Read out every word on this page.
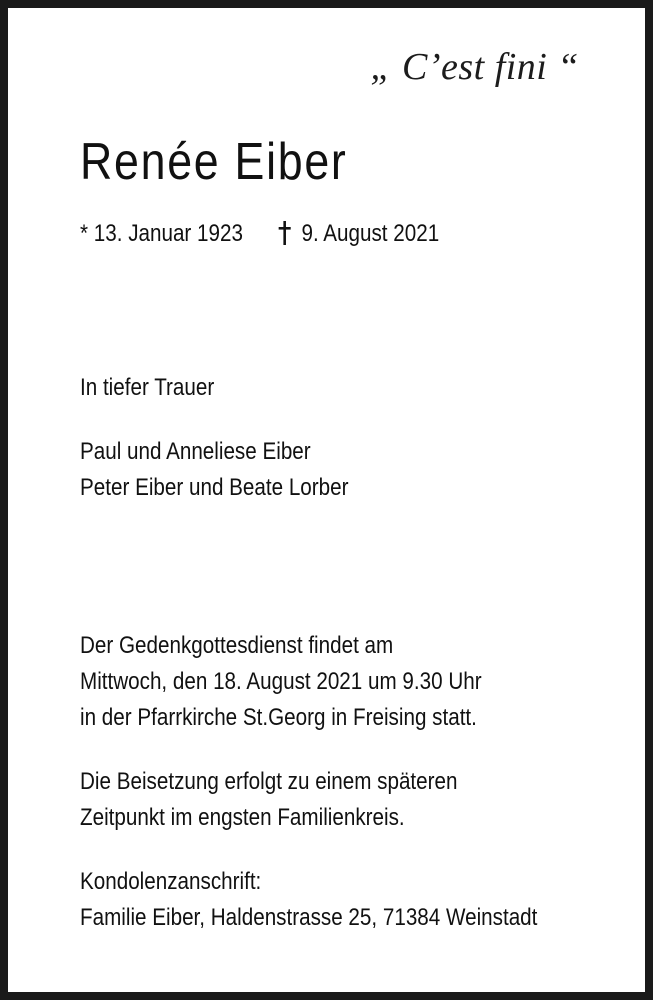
„ C’est fini “
Renée Eiber
* 13. Januar 1923 9. August 2021
In tiefer Trauer
Paul und Anneliese Eiber
Peter Eiber und Beate Lorber
Der Gedenkgottesdienst findet am
Mittwoch, den 18. August 2021 um 9.30 Uhr
in der Pfarrkirche St.Georg in Freising statt.
Die Beisetzung erfolgt zu einem späteren
Zeitpunkt im engsten Familienkreis.
Kondolenzanschrift:
Familie Eiber, Haldenstrasse 25, 71384 Weinstadt
